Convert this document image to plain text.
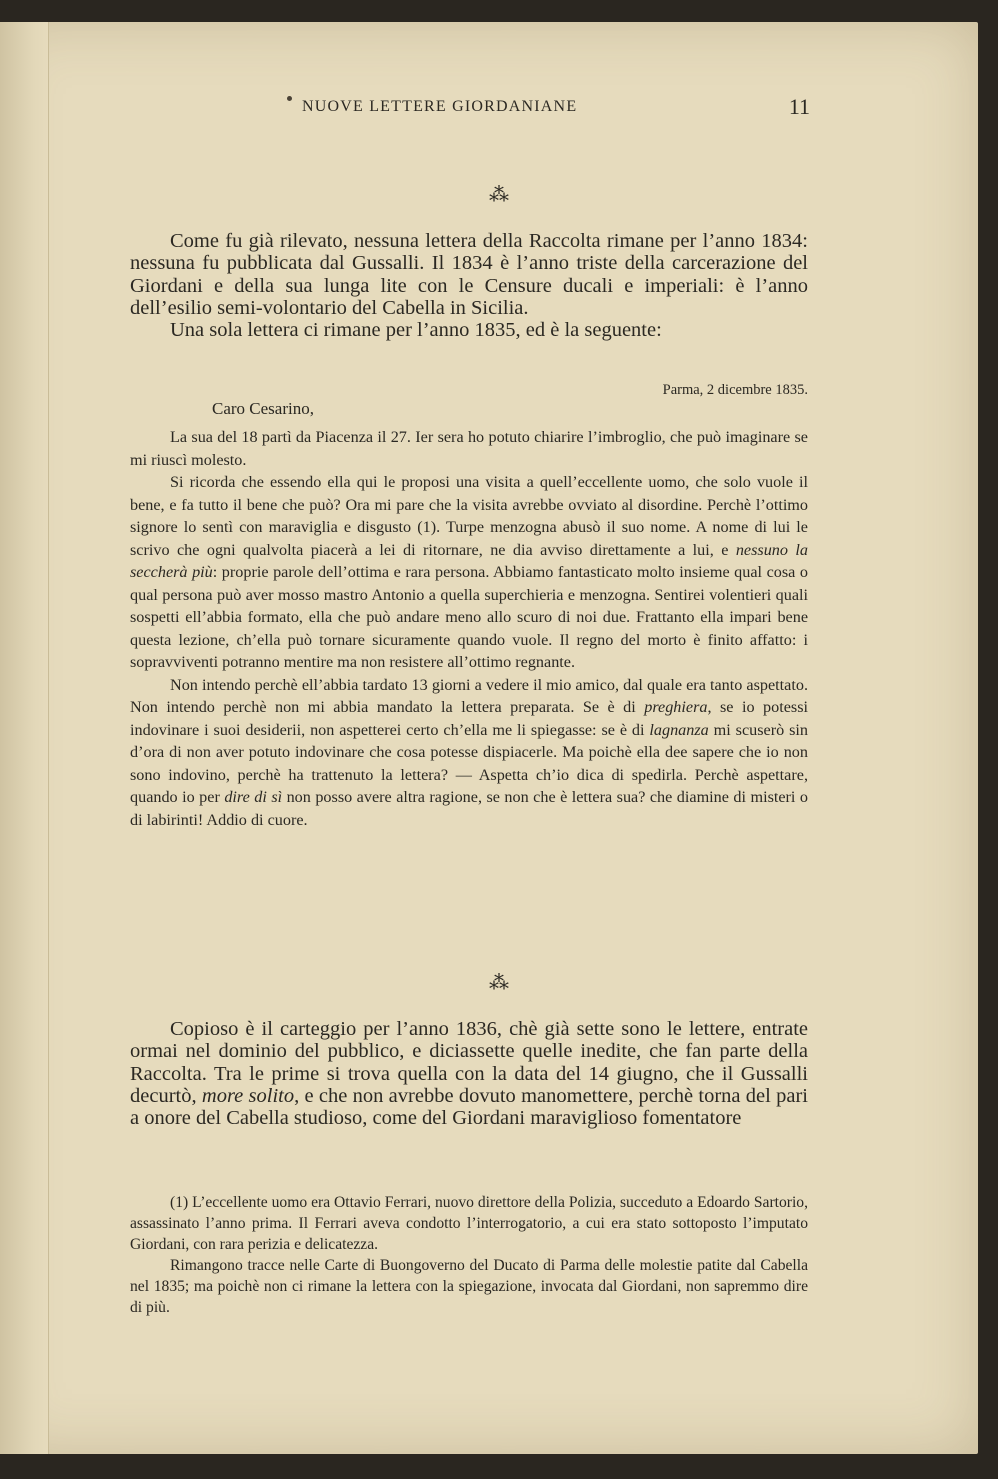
NUOVE LETTERE GIORDANIANE	11
⁂

Come fu già rilevato, nessuna lettera della Raccolta rimane per l’anno 1834: nessuna fu pubblicata dal Gussalli. Il 1834 è l’anno triste della carcerazione del Giordani e della sua lunga lite con le Censure ducali e imperiali: è l’anno dell’esilio semi-volontario del Cabella in Sicilia.

Una sola lettera ci rimane per l’anno 1835, ed è la seguente:

Parma, 2 dicembre 1835.
Caro Cesarino,

La sua del 18 partì da Piacenza il 27. Ier sera ho potuto chiarire l’imbroglio, che può imaginare se mi riuscì molesto.

Si ricorda che essendo ella qui le proposi una visita a quell’eccellente uomo, che solo vuole il bene, e fa tutto il bene che può? Ora mi pare che la visita avrebbe ovviato al disordine. Perchè l’ottimo signore lo sentì con maraviglia e disgusto (1). Turpe menzogna abusò il suo nome. A nome di lui le scrivo che ogni qualvolta piacerà a lei di ritornare, ne dia avviso direttamente a lui, e nessuno la seccherà più: proprie parole dell’ottima e rara persona. Abbiamo fantasticato molto insieme qual cosa o qual persona può aver mosso mastro Antonio a quella superchieria e menzogna. Sentirei volentieri quali sospetti ell’abbia formato, ella che può andare meno allo scuro di noi due. Frattanto ella impari bene questa lezione, ch’ella può tornare sicuramente quando vuole. Il regno del morto è finito affatto: i sopravviventi potranno mentire ma non resistere all’ottimo regnante.

Non intendo perchè ell’abbia tardato 13 giorni a vedere il mio amico, dal quale era tanto aspettato. Non intendo perchè non mi abbia mandato la lettera preparata. Se è di preghiera, se io potessi indovinare i suoi desiderii, non aspetterei certo ch’ella me li spiegasse: se è di lagnanza mi scuserò sin d’ora di non aver potuto indovinare che cosa potesse dispiacerle. Ma poichè ella dee sapere che io non sono indovino, perchè ha trattenuto la lettera? — Aspetta ch’io dica di spedirla. Perchè aspettare, quando io per dire di sì non posso avere altra ragione, se non che è lettera sua? che diamine di misteri o di labirinti! Addio di cuore.

⁂

Copioso è il carteggio per l’anno 1836, chè già sette sono le lettere, entrate ormai nel dominio del pubblico, e diciassette quelle inedite, che fan parte della Raccolta. Tra le prime si trova quella con la data del 14 giugno, che il Gussalli decurtò, more solito, e che non avrebbe dovuto manomettere, perchè torna del pari a onore del Cabella studioso, come del Giordani maraviglioso fomentatore

(1) L’eccellente uomo era Ottavio Ferrari, nuovo direttore della Polizia, succeduto a Edoardo Sartorio, assassinato l’anno prima. Il Ferrari aveva condotto l’interrogatorio, a cui era stato sottoposto l’imputato Giordani, con rara perizia e delicatezza.

Rimangono tracce nelle Carte di Buongoverno del Ducato di Parma delle molestie patite dal Cabella nel 1835; ma poichè non ci rimane la lettera con la spiegazione, invocata dal Giordani, non sapremmo dire di più.
